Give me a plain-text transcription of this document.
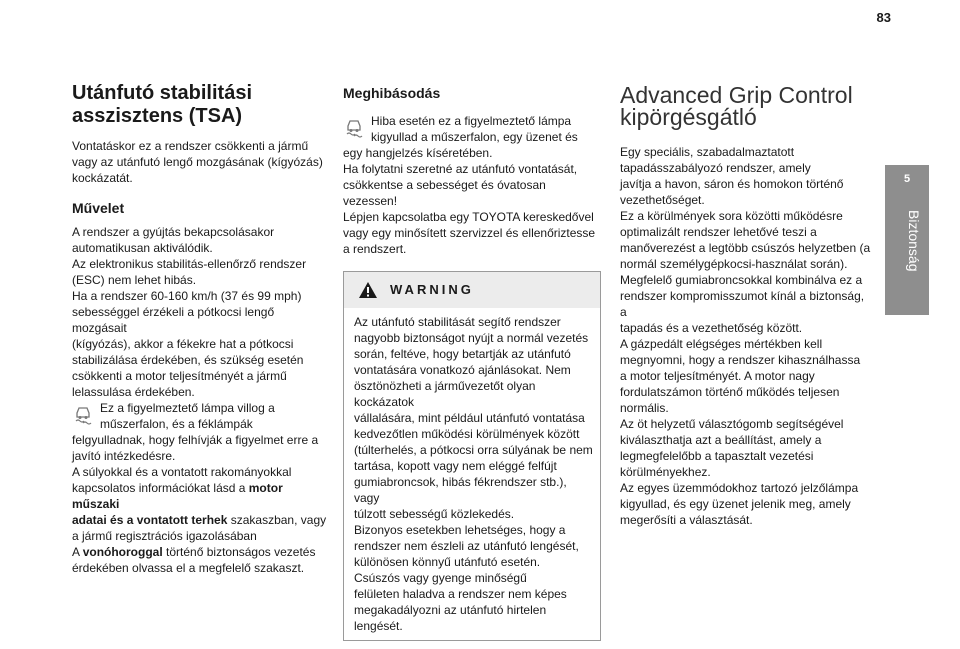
83
5
Biztonság
Utánfutó stabilitási asszisztens (TSA)

Vontatáskor ez a rendszer csökkenti a jármű
vagy az utánfutó lengő mozgásának (kígyózás)
kockázatát.

Művelet

A rendszer a gyújtás bekapcsolásakor
automatikusan aktiválódik.
Az elektronikus stabilitás-ellenőrző rendszer
(ESC) nem lehet hibás.
Ha a rendszer 60-160 km/h (37 és 99 mph)
sebességgel érzékeli a pótkocsi lengő mozgásait
(kígyózás), akkor a fékekre hat a pótkocsi
stabilizálása érdekében, és szükség esetén
csökkenti a motor teljesítményét a jármű
lelassulása érdekében.

Ez a figyelmeztető lámpa villog a
műszerfalon, és a féklámpák

felgyulladnak, hogy felhívják a figyelmet erre a
javító intézkedésre.
A súlyokkal és a vontatott rakományokkal
kapcsolatos információkat lásd a motor műszaki
adatai és a vontatott terhek szakaszban, vagy
a jármű regisztrációs igazolásában
A vonóhoroggal történő biztonságos vezetés
érdekében olvassa el a megfelelő szakaszt.

Meghibásodás
Hiba esetén ez a figyelmeztető lámpa
kigyullad a műszerfalon, egy üzenet és

egy hangjelzés kíséretében.
Ha folytatni szeretné az utánfutó vontatását,
csökkentse a sebességet és óvatosan vezessen!
Lépjen kapcsolatba egy TOYOTA kereskedővel
vagy egy minősített szervizzel és ellenőriztesse
a rendszert.

WARNING
Az utánfutó stabilitását segítő rendszer
nagyobb biztonságot nyújt a normál vezetés
során, feltéve, hogy betartják az utánfutó
vontatására vonatkozó ajánlásokat. Nem
ösztönözheti a járművezetőt olyan kockázatok
vállalására, mint például utánfutó vontatása
kedvezőtlen működési körülmények között
(túlterhelés, a pótkocsi orra súlyának be nem
tartása, kopott vagy nem eléggé felfújt
gumiabroncsok, hibás fékrendszer stb.), vagy
túlzott sebességű közlekedés.
Bizonyos esetekben lehetséges, hogy a
rendszer nem észleli az utánfutó lengését,
különösen könnyű utánfutó esetén.
Csúszós vagy gyenge minőségű
felületen haladva a rendszer nem képes
megakadályozni az utánfutó hirtelen lengését.
Advanced Grip Control
kipörgésgátló

Egy speciális, szabadalmaztatott
tapadásszabályozó rendszer, amely
javítja a havon, sáron és homokon történő
vezethetőséget.
Ez a körülmények sora közötti működésre
optimalizált rendszer lehetővé teszi a
manőverezést a legtöbb csúszós helyzetben (a
normál személygépkocsi-használat során).
Megfelelő gumiabroncsokkal kombinálva ez a
rendszer kompromisszumot kínál a biztonság, a
tapadás és a vezethetőség között.
A gázpedált elégséges mértékben kell
megnyomni, hogy a rendszer kihasználhassa
a motor teljesítményét. A motor nagy
fordulatszámon történő működés teljesen
normális.
Az öt helyzetű választógomb segítségével
kiválaszthatja azt a beállítást, amely a
legmegfelelőbb a tapasztalt vezetési
körülményekhez.
Az egyes üzemmódokhoz tartozó jelzőlámpa
kigyullad, és egy üzenet jelenik meg, amely
megerősíti a választását.
